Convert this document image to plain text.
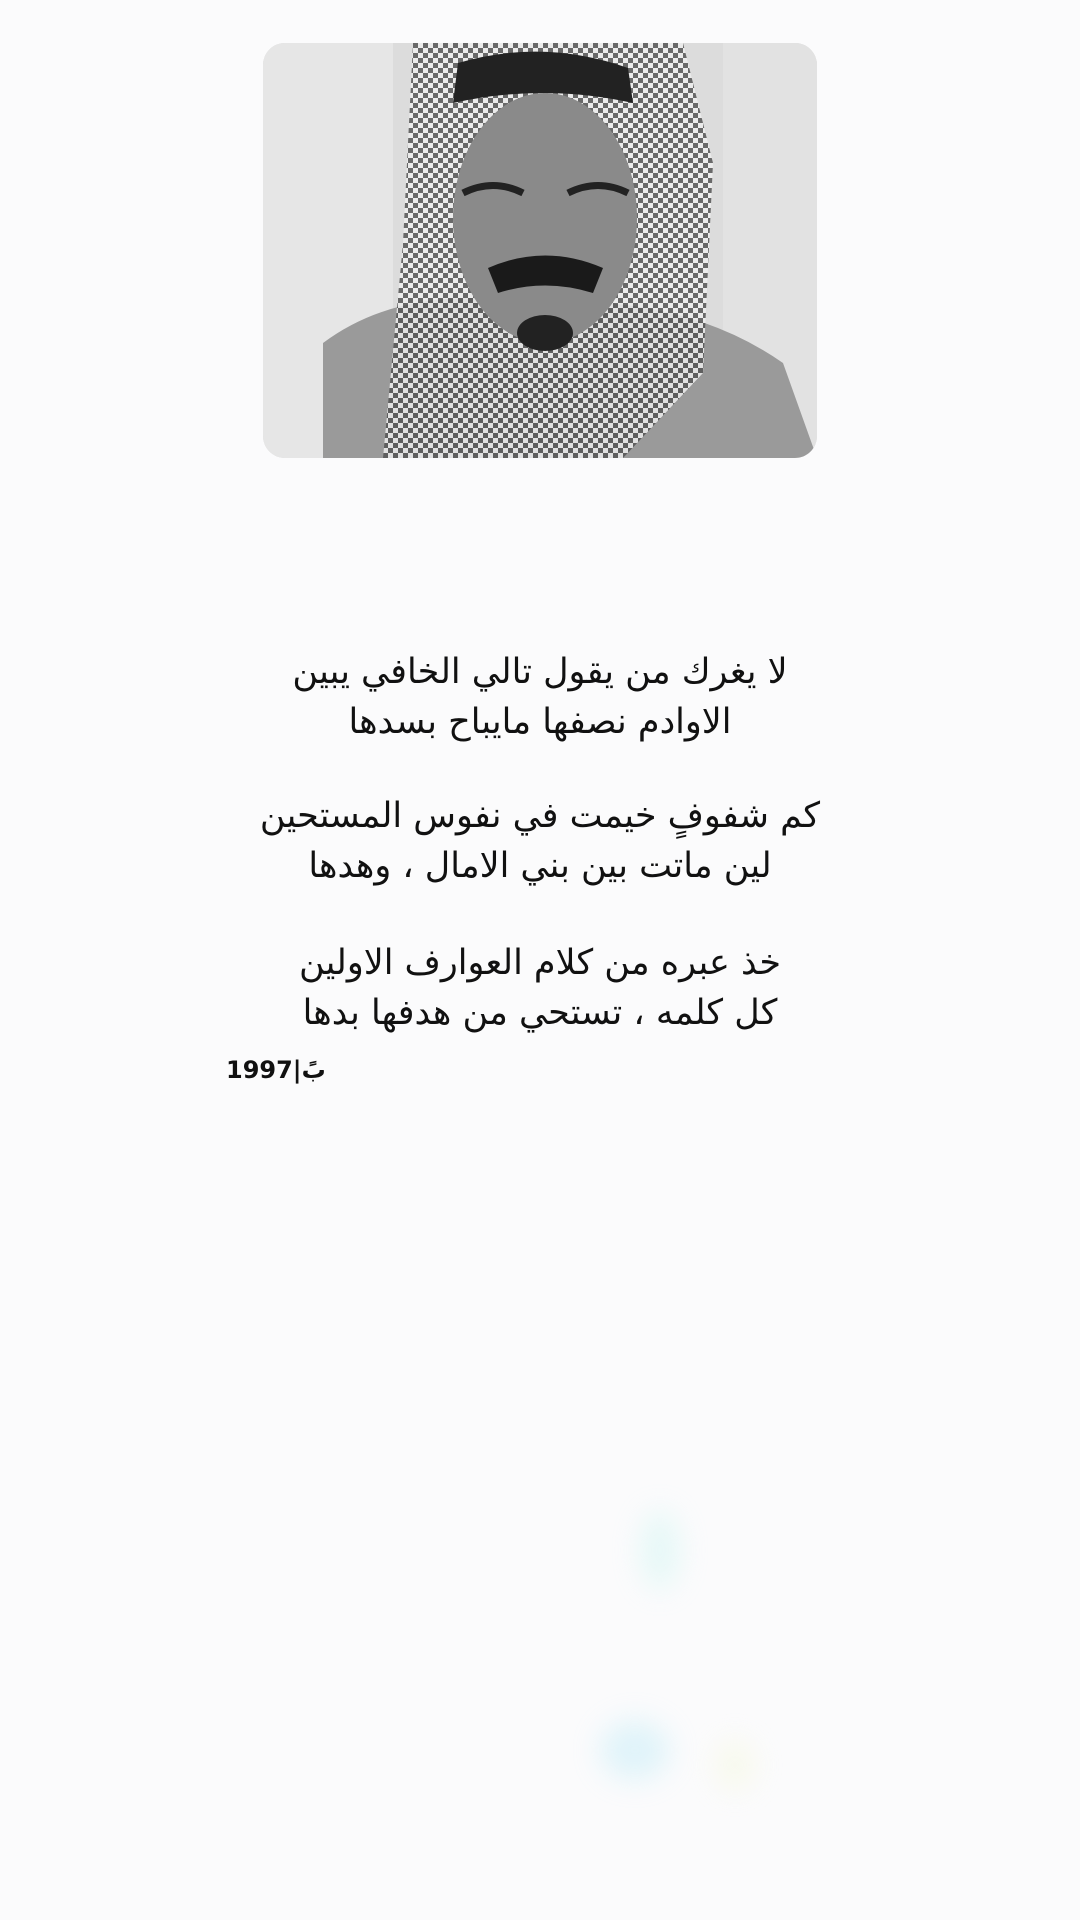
لا يغرك من يقول تالي الخافي يبين
الاوادم نصفها مايباح بسدها
كم شفوفٍ خيمت في نفوس المستحين
لين ماتت بين بني الامال ، وهدها
خذ عبره من كلام العوارف الاولين
كل كلمه ، تستحي من هدفها بدها
1997|بً
